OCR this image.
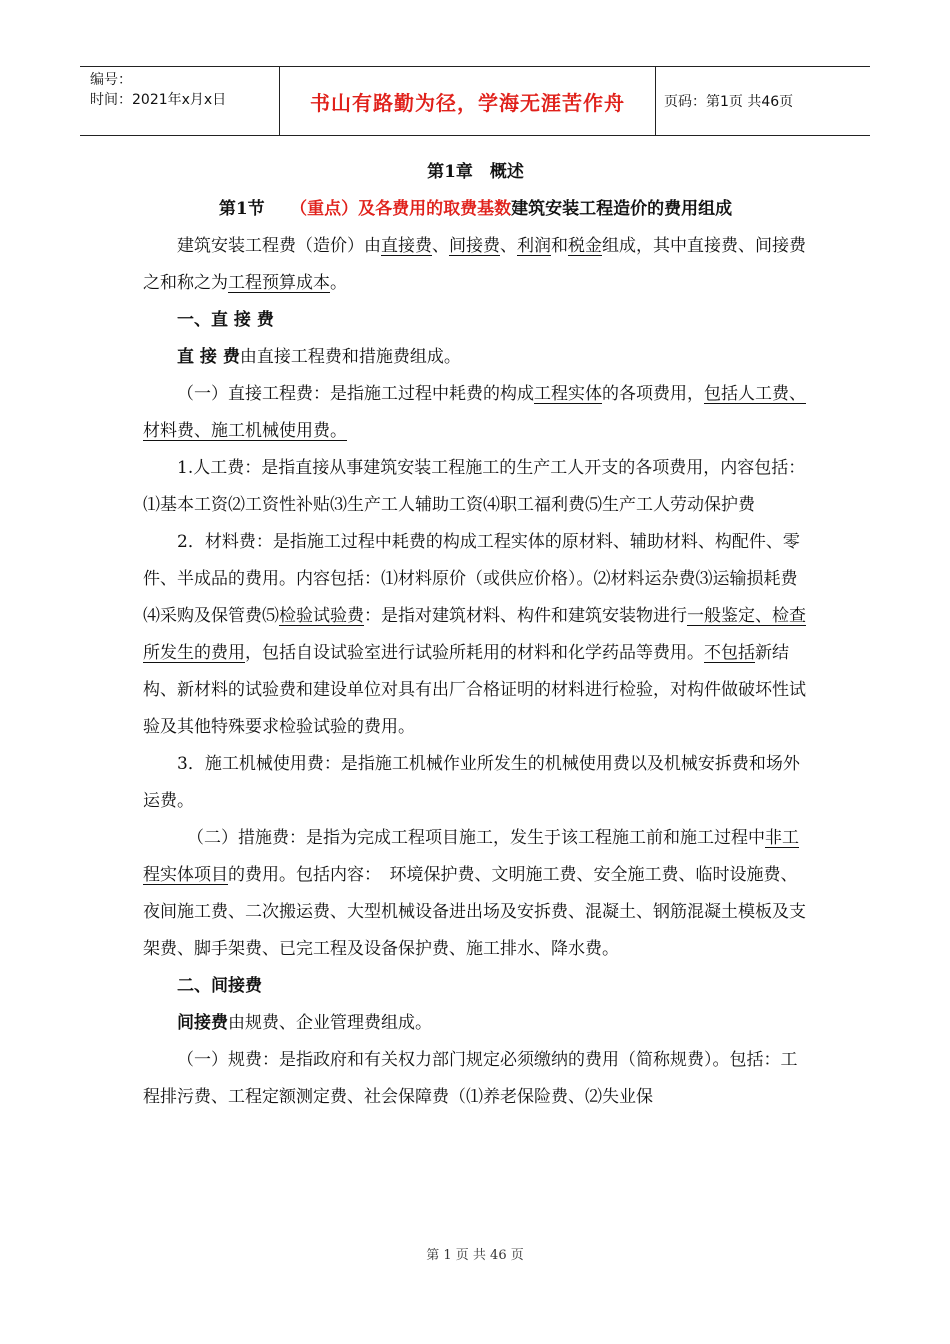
编号：
时间：2021年x月x日	书山有路勤为径，学海无涯苦作舟	页码：第1页 共46页

第1章　概述

第1节　　（重点）及各费用的取费基数建筑安装工程造价的费用组成

建筑安装工程费（造价）由直接费、间接费、利润和税金组成，其中直接费、间接费之和称之为工程预算成本。

一、直 接 费

直 接 费由直接工程费和措施费组成。

（一）直接工程费：是指施工过程中耗费的构成工程实体的各项费用，包括人工费、材料费、施工机械使用费。

1.人工费：是指直接从事建筑安装工程施工的生产工人开支的各项费用，内容包括：⑴基本工资⑵工资性补贴⑶生产工人辅助工资⑷职工福利费⑸生产工人劳动保护费

2．材料费：是指施工过程中耗费的构成工程实体的原材料、辅助材料、构配件、零件、半成品的费用。内容包括：⑴材料原价（或供应价格）。⑵材料运杂费⑶运输损耗费⑷采购及保管费⑸检验试验费：是指对建筑材料、构件和建筑安装物进行一般鉴定、检查所发生的费用，包括自设试验室进行试验所耗用的材料和化学药品等费用。不包括新结构、新材料的试验费和建设单位对具有出厂合格证明的材料进行检验，对构件做破坏性试验及其他特殊要求检验试验的费用。

3．施工机械使用费：是指施工机械作业所发生的机械使用费以及机械安拆费和场外运费。

（二）措施费：是指为完成工程项目施工，发生于该工程施工前和施工过程中非工程实体项目的费用。包括内容：　环境保护费、文明施工费、安全施工费、临时设施费、夜间施工费、二次搬运费、大型机械设备进出场及安拆费、混凝土、钢筋混凝土模板及支架费、脚手架费、已完工程及设备保护费、施工排水、降水费。

二、间接费

间接费由规费、企业管理费组成。

（一）规费：是指政府和有关权力部门规定必须缴纳的费用（简称规费）。包括：工程排污费、工程定额测定费、社会保障费（⑴养老保险费、⑵失业保

第 1 页 共 46 页
